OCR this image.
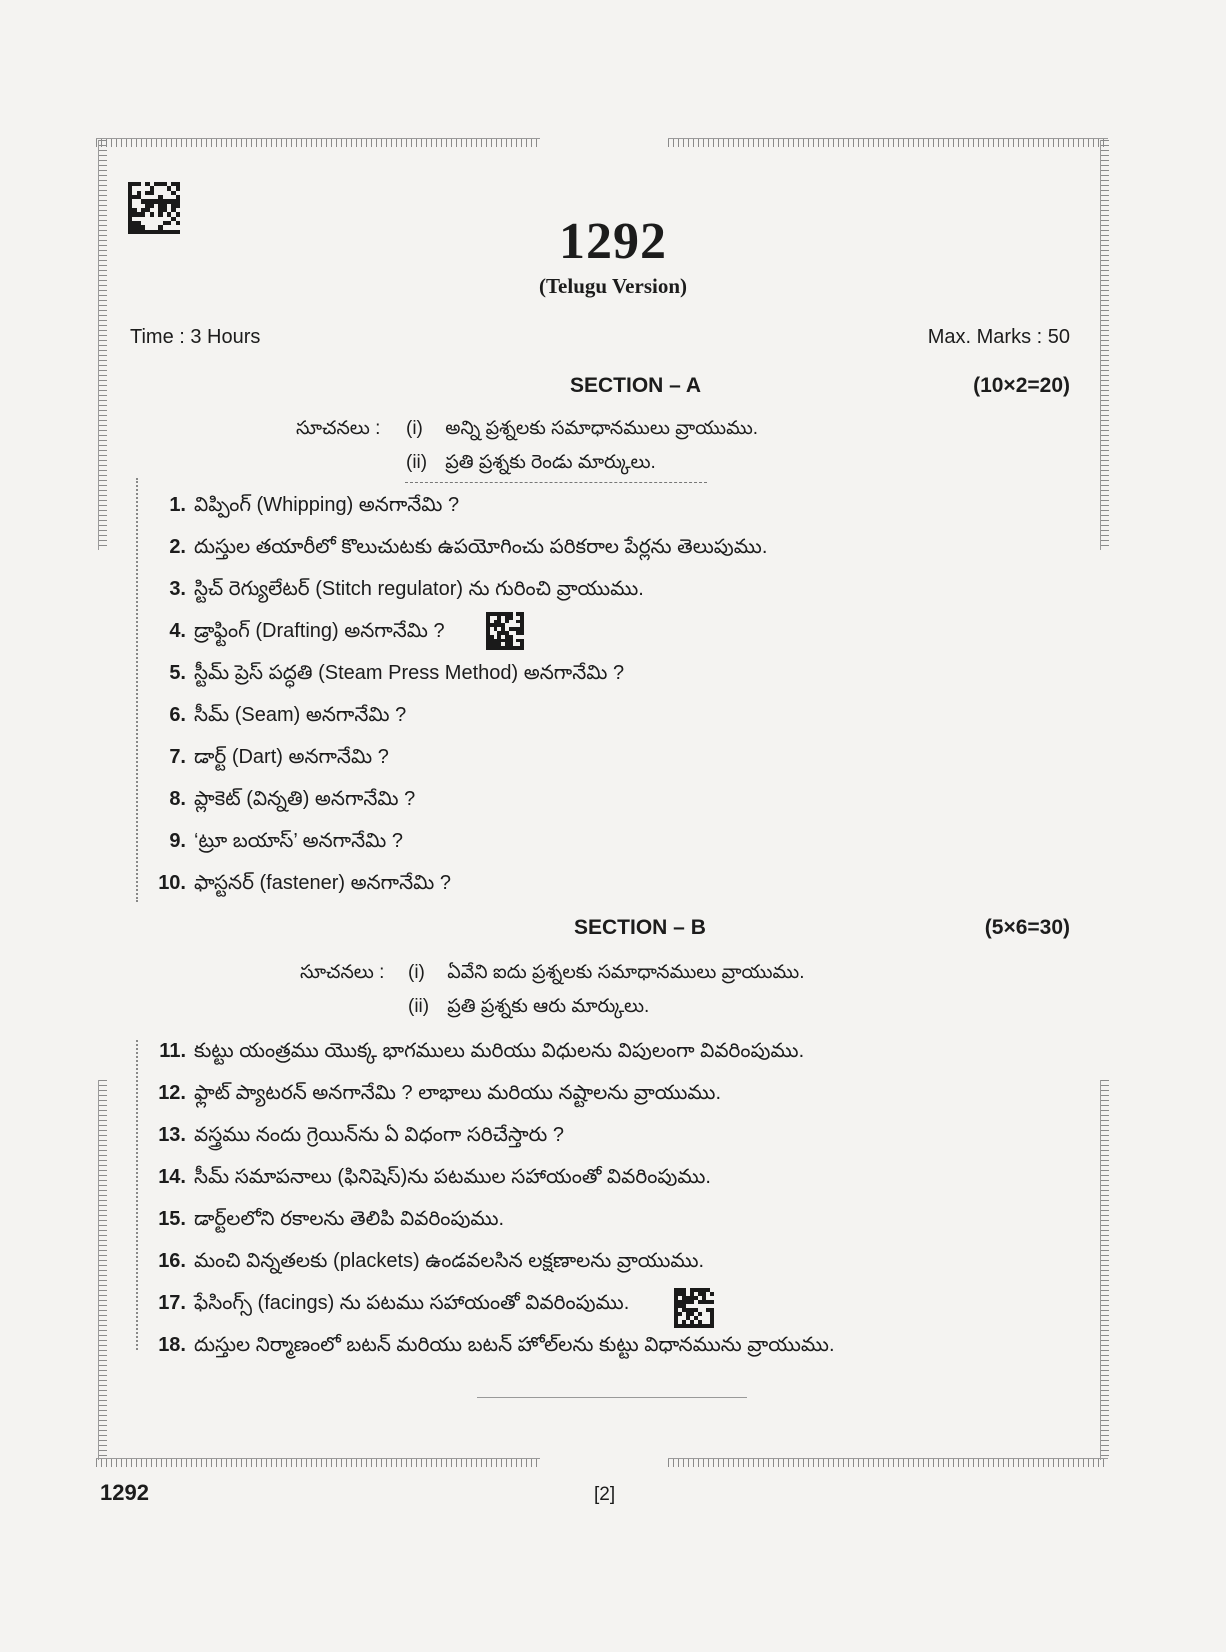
1292
(Telugu Version)
Time : 3 Hours	Max. Marks : 50
SECTION – A	(10×2=20)
సూచనలు : (i) అన్ని ప్రశ్నలకు సమాధానములు వ్రాయుము.
(ii) ప్రతి ప్రశ్నకు రెండు మార్కులు.
1. విప్పింగ్ (Whipping) అనగానేమి ?
2. దుస్తుల తయారీలో కొలుచుటకు ఉపయోగించు పరికరాల పేర్లను తెలుపుము.
3. స్టిచ్ రెగ్యులేటర్ (Stitch regulator) ను గురించి వ్రాయుము.
4. డ్రాఫ్టింగ్ (Drafting) అనగానేమి ?
5. స్టీమ్ ప్రెస్ పద్ధతి (Steam Press Method) అనగానేమి ?
6. సీమ్ (Seam) అనగానేమి ?
7. డార్ట్ (Dart) అనగానేమి ?
8. ప్లాకెట్ (విన్నతి) అనగానేమి ?
9. ‘ట్రూ బయాస్’ అనగానేమి ?
10. ఫాస్టనర్ (fastener) అనగానేమి ?
SECTION – B	(5×6=30)
సూచనలు : (i) ఏవేని ఐదు ప్రశ్నలకు సమాధానములు వ్రాయుము.
(ii) ప్రతి ప్రశ్నకు ఆరు మార్కులు.
11. కుట్టు యంత్రము యొక్క భాగములు మరియు విధులను విపులంగా వివరింపుము.
12. ఫ్లాట్ ప్యాటరన్ అనగానేమి ? లాభాలు మరియు నష్టాలను వ్రాయుము.
13. వస్త్రము నందు గ్రెయిన్‌ను ఏ విధంగా సరిచేస్తారు ?
14. సీమ్ సమాపనాలు (ఫినిషెస్)ను పటముల సహాయంతో వివరింపుము.
15. డార్ట్‌లలోని రకాలను తెలిపి వివరింపుము.
16. మంచి విన్నతలకు (plackets) ఉండవలసిన లక్షణాలను వ్రాయుము.
17. ఫేసింగ్స్ (facings) ను పటము సహాయంతో వివరింపుము.
18. దుస్తుల నిర్మాణంలో బటన్ మరియు బటన్ హోల్‌లను కుట్టు విధానమును వ్రాయుము.
1292	[2]
